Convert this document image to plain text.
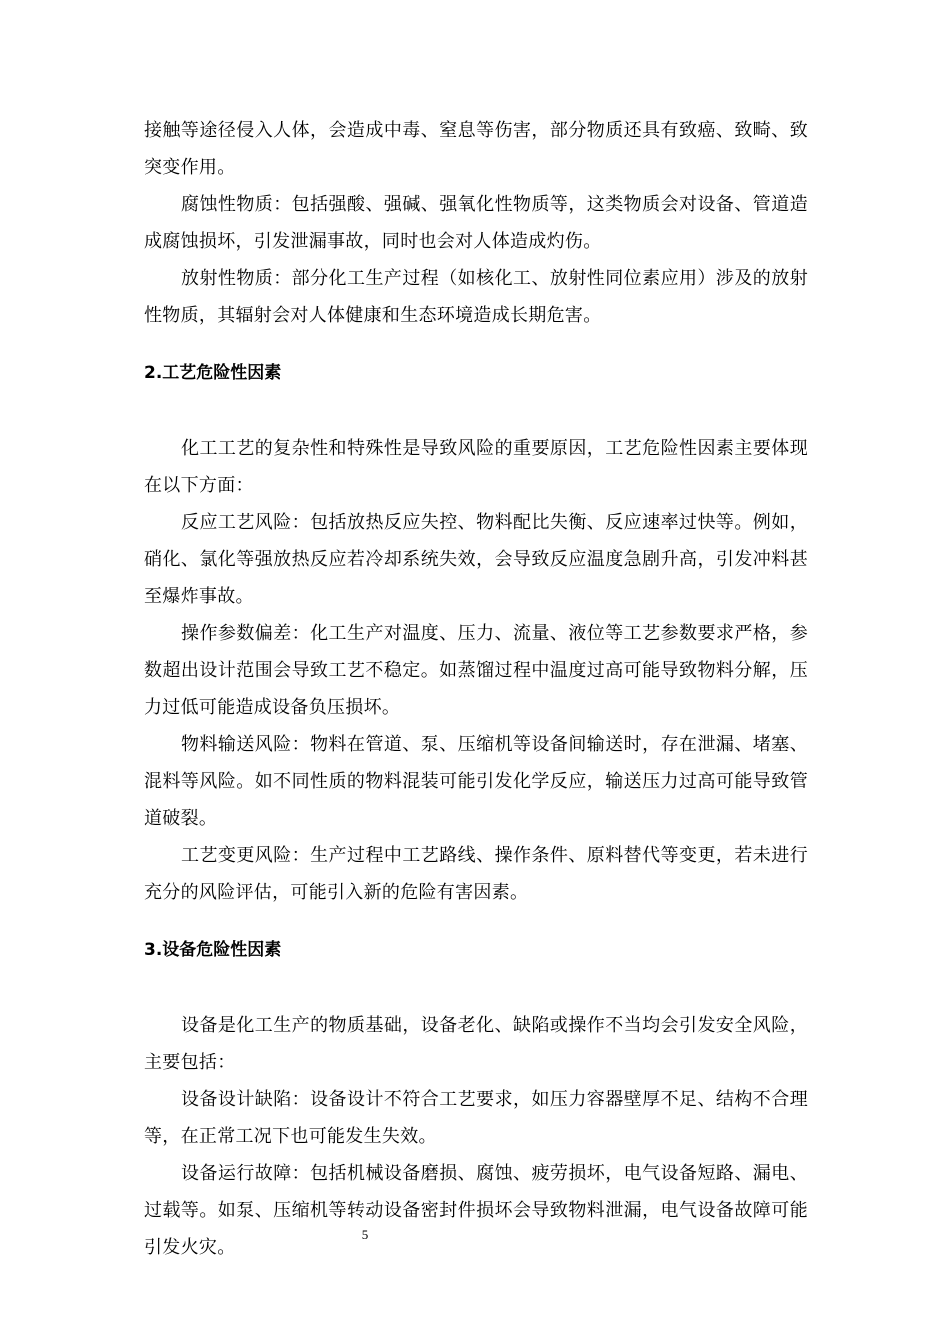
接触等途径侵入人体，会造成中毒、窒息等伤害，部分物质还具有致癌、致畸、致突变作用。

腐蚀性物质：包括强酸、强碱、强氧化性物质等，这类物质会对设备、管道造成腐蚀损坏，引发泄漏事故，同时也会对人体造成灼伤。

放射性物质：部分化工生产过程（如核化工、放射性同位素应用）涉及的放射性物质，其辐射会对人体健康和生态环境造成长期危害。

2.工艺危险性因素

化工工艺的复杂性和特殊性是导致风险的重要原因，工艺危险性因素主要体现在以下方面：

反应工艺风险：包括放热反应失控、物料配比失衡、反应速率过快等。例如，硝化、氯化等强放热反应若冷却系统失效，会导致反应温度急剧升高，引发冲料甚至爆炸事故。

操作参数偏差：化工生产对温度、压力、流量、液位等工艺参数要求严格，参数超出设计范围会导致工艺不稳定。如蒸馏过程中温度过高可能导致物料分解，压力过低可能造成设备负压损坏。

物料输送风险：物料在管道、泵、压缩机等设备间输送时，存在泄漏、堵塞、混料等风险。如不同性质的物料混装可能引发化学反应，输送压力过高可能导致管道破裂。

工艺变更风险：生产过程中工艺路线、操作条件、原料替代等变更，若未进行充分的风险评估，可能引入新的危险有害因素。

3.设备危险性因素

设备是化工生产的物质基础，设备老化、缺陷或操作不当均会引发安全风险，主要包括：

设备设计缺陷：设备设计不符合工艺要求，如压力容器壁厚不足、结构不合理等，在正常工况下也可能发生失效。

设备运行故障：包括机械设备磨损、腐蚀、疲劳损坏，电气设备短路、漏电、过载等。如泵、压缩机等转动设备密封件损坏会导致物料泄漏，电气设备故障可能引发火灾。

5
